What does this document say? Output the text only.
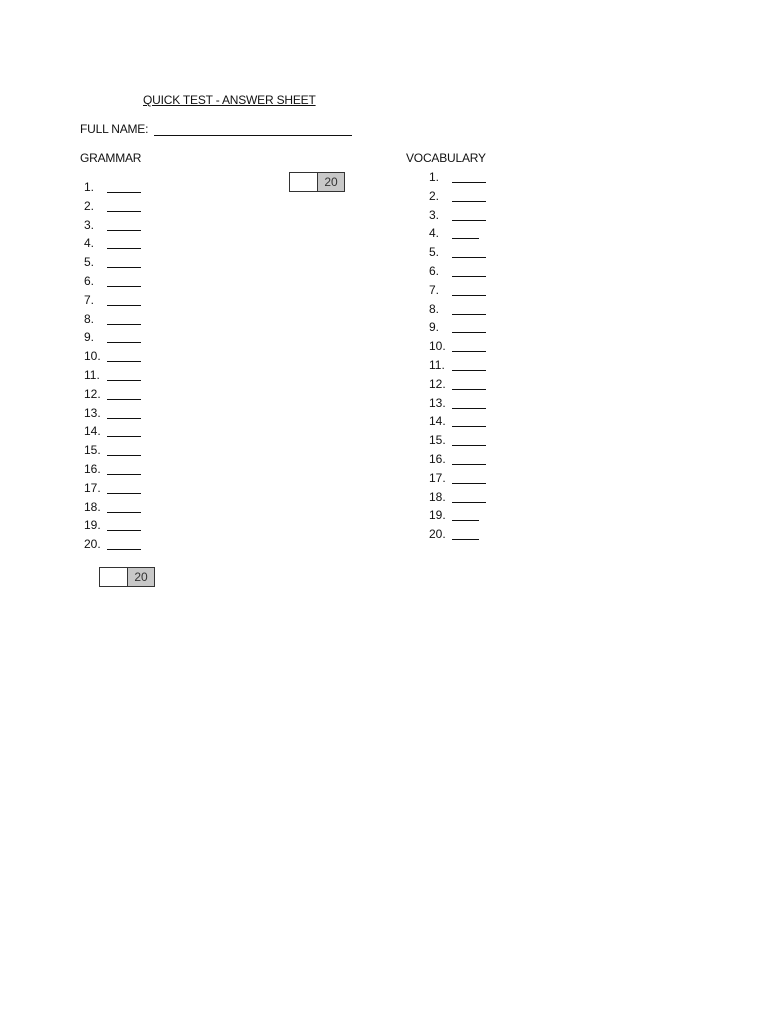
QUICK TEST - ANSWER SHEET
FULL NAME:
GRAMMAR	VOCABULARY
20
1.
2.
3.
4.
5.
6.
7.
8.
9.
10.
11.
12.
13.
14.
15.
16.
17.
18.
19.
20.
1.
2.
3.
4.
5.
6.
7.
8.
9.
10.
11.
12.
13.
14.
15.
16.
17.
18.
19.
20.
20
